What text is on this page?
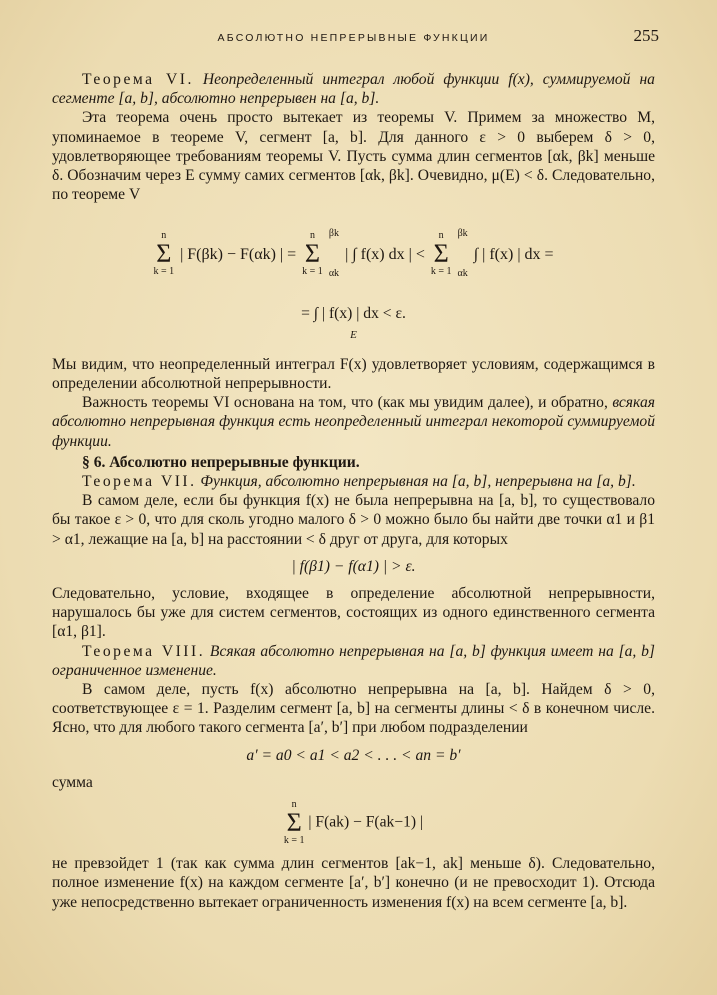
АБСОЛЮТНО НЕПРЕРЫВНЫЕ ФУНКЦИИ	255

Теорема VI. Неопределенный интеграл любой функции f(x), суммируемой на сегменте [a, b], абсолютно непрерывен на [a, b].

Эта теорема очень просто вытекает из теоремы V. Примем за множество M, упоминаемое в теореме V, сегмент [a, b]. Для данного ε > 0 выберем δ > 0, удовлетворяющее требованиям теоремы V. Пусть сумма длин сегментов [αk, βk] меньше δ. Обозначим через E сумму самих сегментов [αk, βk]. Очевидно, μ(E) < δ. Следовательно, по теореме V

n
Σ
k = 1
| F(βk) − F(αk) | =
n
Σ
k = 1
βk
αk
| ∫ f(x) dx | <
n
Σ
k = 1
βk
αk
∫ | f(x) | dx =
= ∫ | f(x) | dx < ε.
E

Мы видим, что неопределенный интеграл F(x) удовлетворяет условиям, содержащимся в определении абсолютной непрерывности.

Важность теоремы VI основана на том, что (как мы увидим далее), и обратно, всякая абсолютно непрерывная функция есть неопределенный интеграл некоторой суммируемой функции.

§ 6. Абсолютно непрерывные функции.

Теорема VII. Функция, абсолютно непрерывная на [a, b], непрерывна на [a, b].

В самом деле, если бы функция f(x) не была непрерывна на [a, b], то существовало бы такое ε > 0, что для сколь угодно малого δ > 0 можно было бы найти две точки α1 и β1 > α1, лежащие на [a, b] на расстоянии < δ друг от друга, для которых

| f(β1) − f(α1) | > ε.

Следовательно, условие, входящее в определение абсолютной непрерывности, нарушалось бы уже для систем сегментов, состоящих из одного единственного сегмента [α1, β1].

Теорема VIII. Всякая абсолютно непрерывная на [a, b] функция имеет на [a, b] ограниченное изменение.

В самом деле, пусть f(x) абсолютно непрерывна на [a, b]. Найдем δ > 0, соответствующее ε = 1. Разделим сегмент [a, b] на сегменты длины < δ в конечном числе. Ясно, что для любого такого сегмента [a′, b′] при любом подразделении

a′ = a0 < a1 < a2 < . . . < an = b′

сумма

n
Σ
k = 1
| F(ak) − F(ak−1) |

не превзойдет 1 (так как сумма длин сегментов [ak−1, ak] меньше δ). Следовательно, полное изменение f(x) на каждом сегменте [a′, b′] конечно (и не превосходит 1). Отсюда уже непосредственно вытекает ограниченность изменения f(x) на всем сегменте [a, b].
